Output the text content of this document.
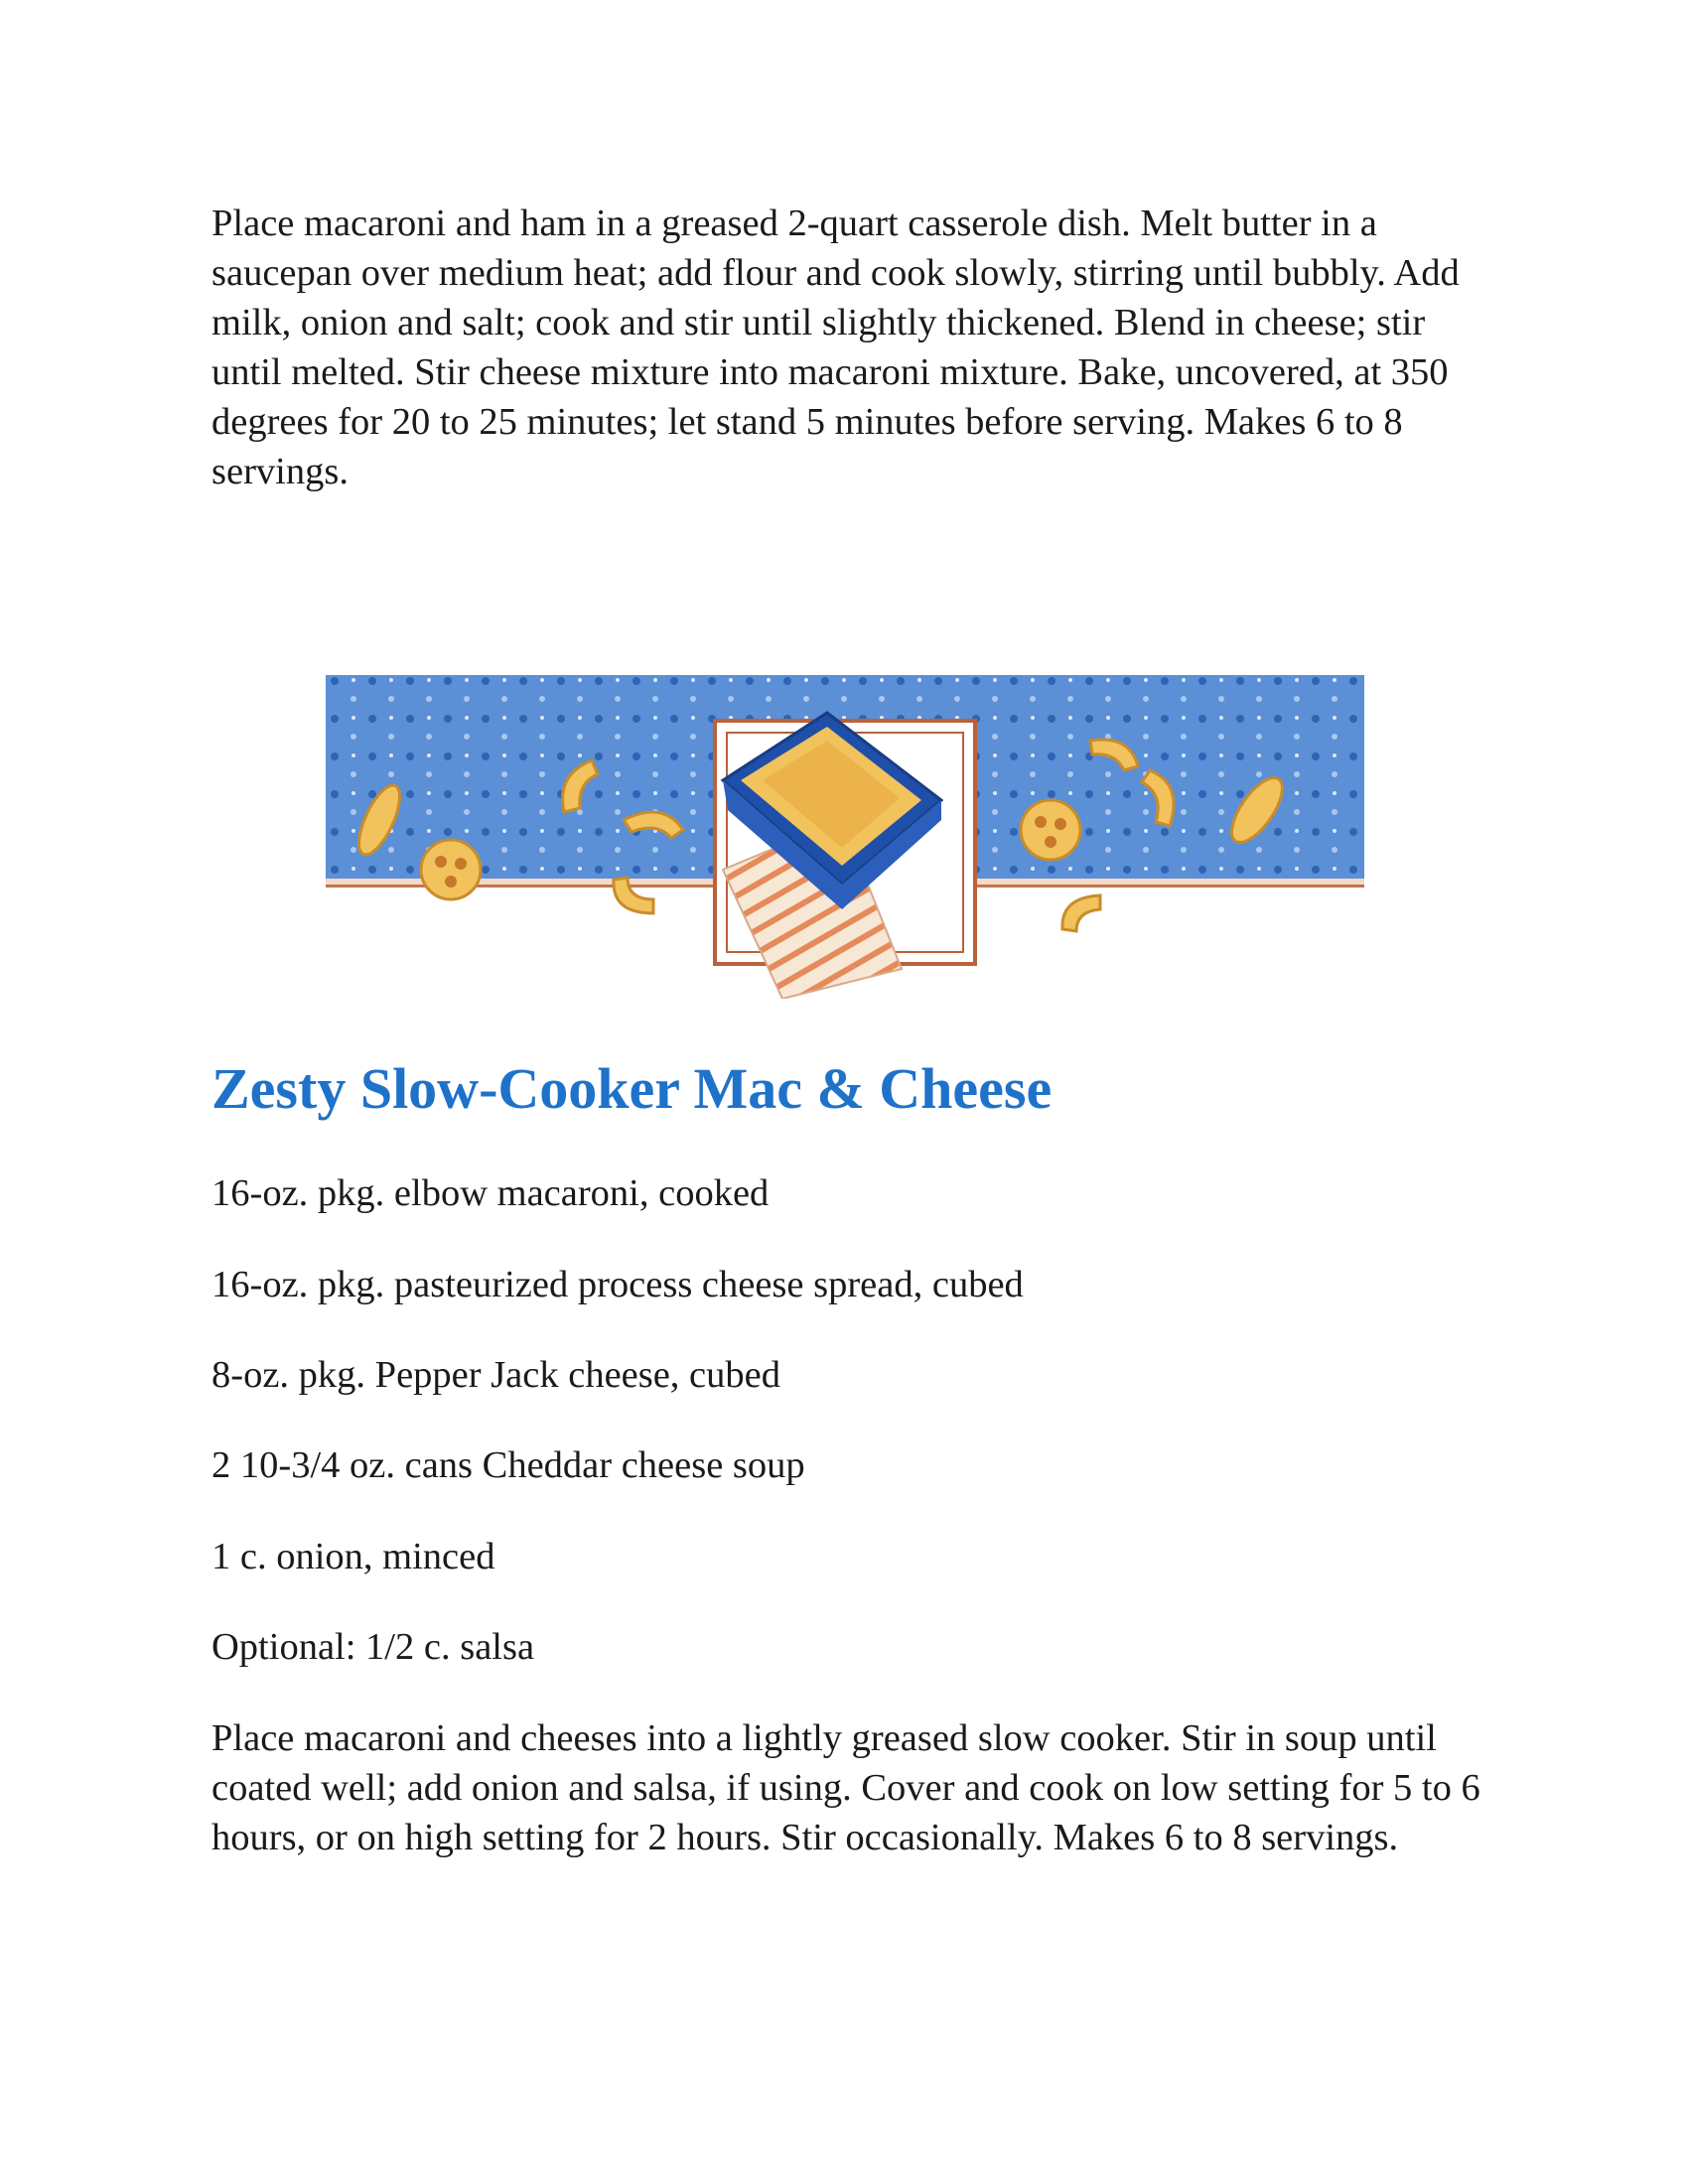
Place macaroni and ham in a greased 2-quart casserole dish. Melt butter in a saucepan over medium heat; add flour and cook slowly, stirring until bubbly. Add milk, onion and salt; cook and stir until slightly thickened. Blend in cheese; stir until melted. Stir cheese mixture into macaroni mixture. Bake, uncovered, at 350 degrees for 20 to 25 minutes; let stand 5 minutes before serving. Makes 6 to 8 servings.

Zesty Slow-Cooker Mac & Cheese

16-oz. pkg. elbow macaroni, cooked

16-oz. pkg. pasteurized process cheese spread, cubed

8-oz. pkg. Pepper Jack cheese, cubed

2 10-3/4 oz. cans Cheddar cheese soup

1 c. onion, minced

Optional: 1/2 c. salsa

Place macaroni and cheeses into a lightly greased slow cooker. Stir in soup until coated well; add onion and salsa, if using. Cover and cook on low setting for 5 to 6 hours, or on high setting for 2 hours. Stir occasionally. Makes 6 to 8 servings.
